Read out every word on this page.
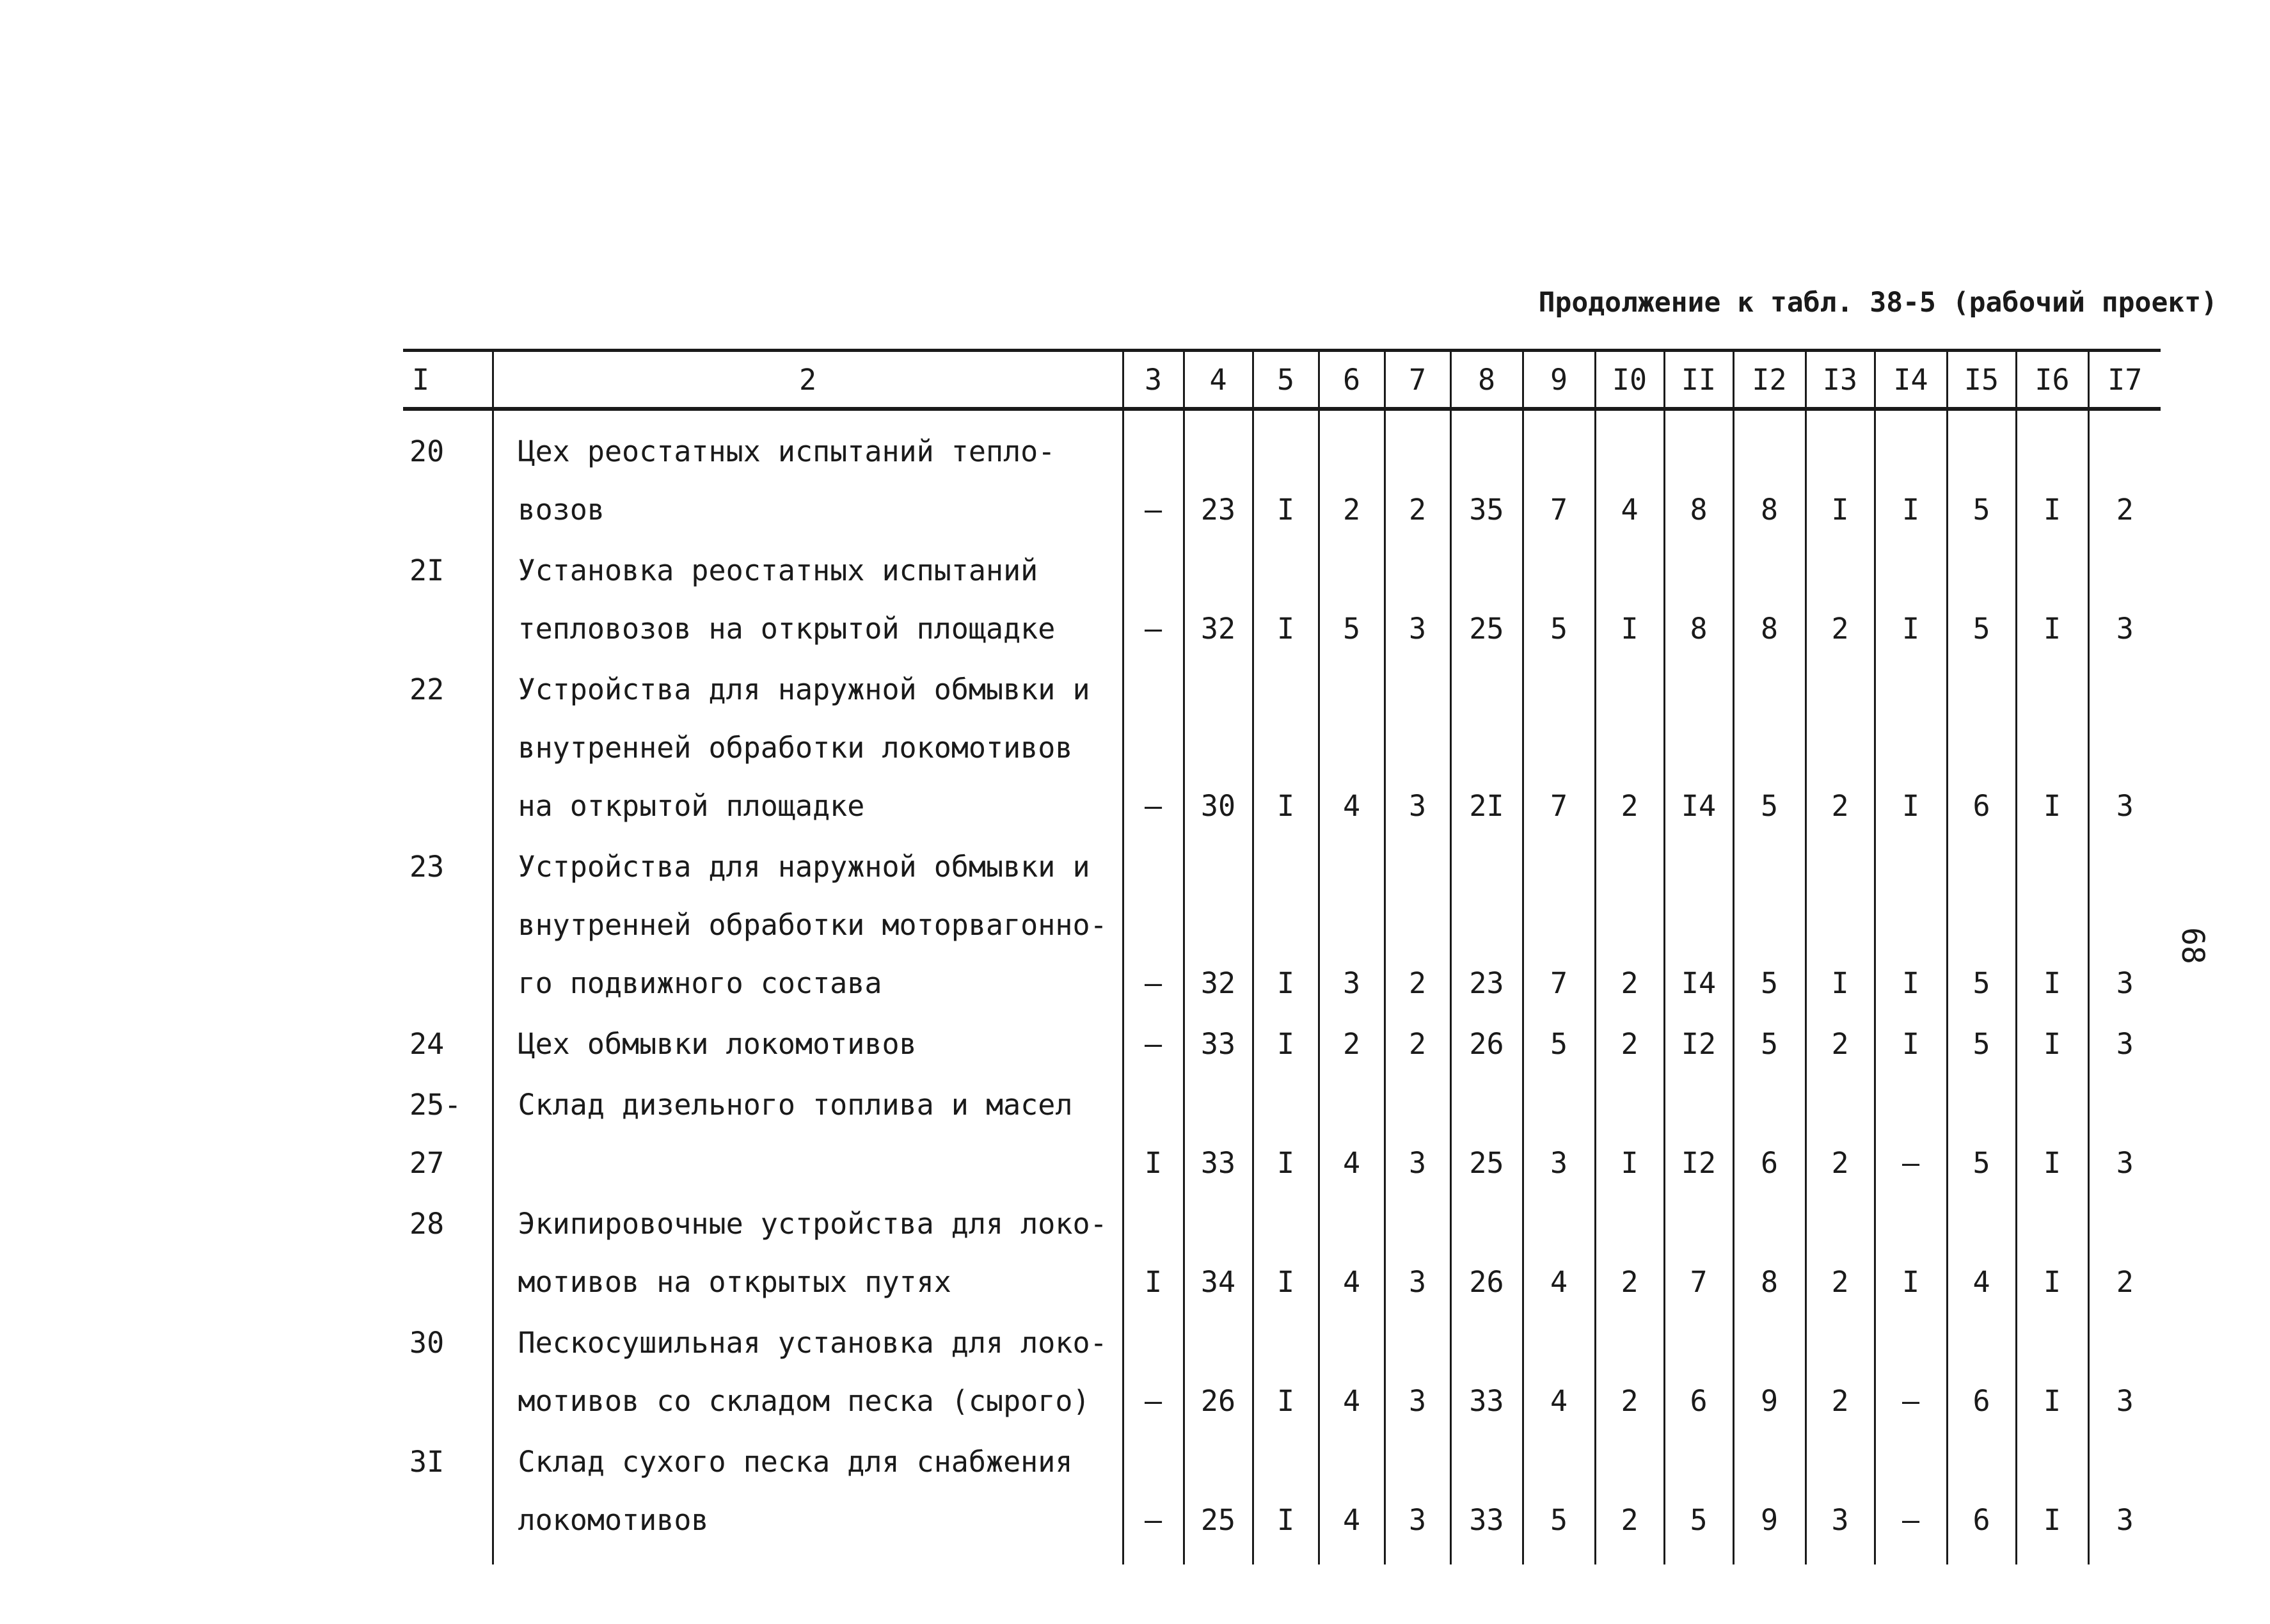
Продолжение к табл. 38-5 (рабочий проект)
68
I	2	3	4	5	6	7	8	9	I0	II	I2	I3	I4	I5	I6	I7
20	Цех реостатных испытаний тепло-
возов	–	23	I	2	2	35	7	4	8	8	I	I	5	I	2
2I	Установка реостатных испытаний
тепловозов на открытой площадке	–	32	I	5	3	25	5	I	8	8	2	I	5	I	3
22	Устройства для наружной обмывки и
внутренней обработки локомотивов
на открытой площадке	–	30	I	4	3	2I	7	2	I4	5	2	I	6	I	3
23	Устройства для наружной обмывки и
внутренней обработки моторвагонно-
го подвижного состава	–	32	I	3	2	23	7	2	I4	5	I	I	5	I	3
24	Цех обмывки локомотивов	–	33	I	2	2	26	5	2	I2	5	2	I	5	I	3
25-27	Склад дизельного топлива и масел	I	33	I	4	3	25	3	I	I2	6	2	–	5	I	3
28	Экипировочные устройства для локо-
мотивов на открытых путях	I	34	I	4	3	26	4	2	7	8	2	I	4	I	2
30	Пескосушильная установка для локо-
мотивов со складом песка (сырого)	–	26	I	4	3	33	4	2	6	9	2	–	6	I	3
3I	Склад сухого песка для снабжения
локомотивов	–	25	I	4	3	33	5	2	5	9	3	–	6	I	3
